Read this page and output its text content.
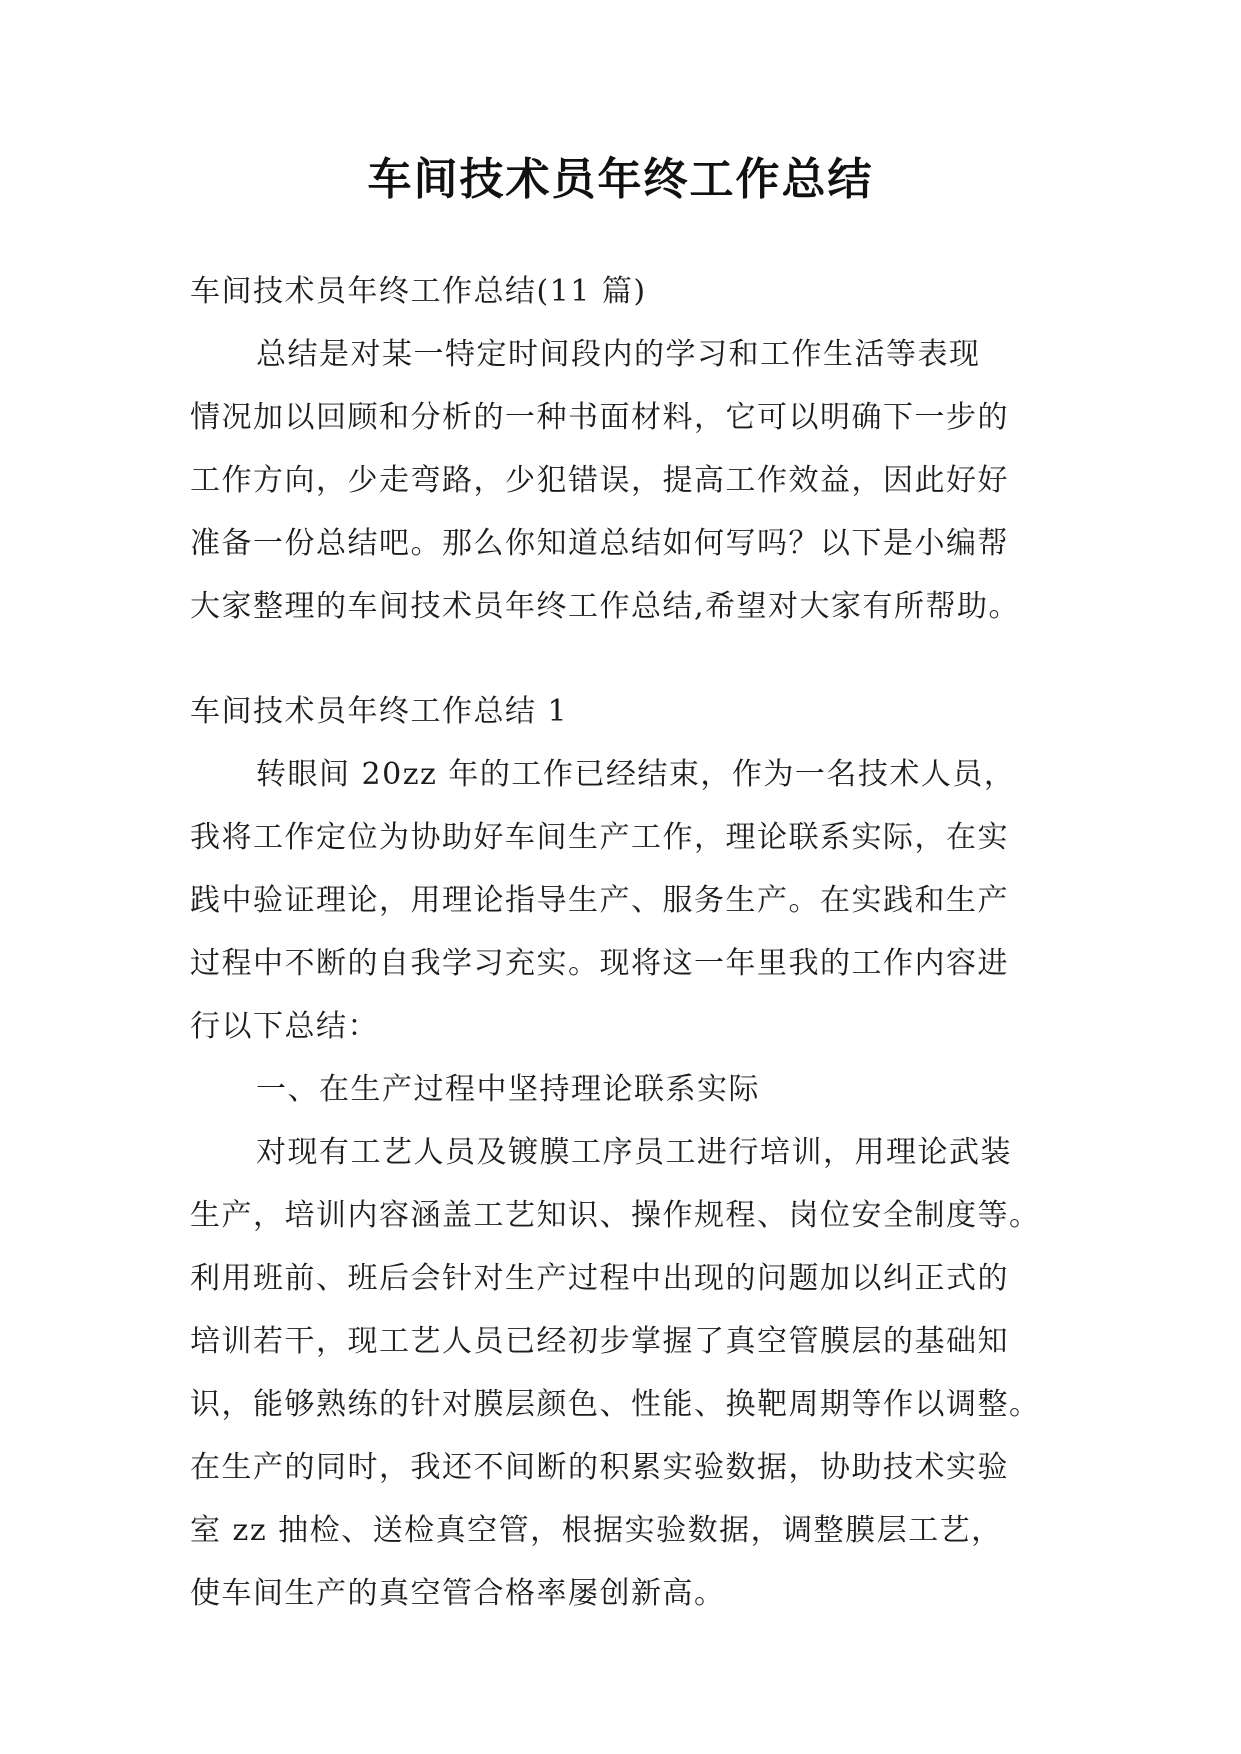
车间技术员年终工作总结
车间技术员年终工作总结(11 篇)
总结是对某一特定时间段内的学习和工作生活等表现
情况加以回顾和分析的一种书面材料，它可以明确下一步的
工作方向，少走弯路，少犯错误，提高工作效益，因此好好
准备一份总结吧。那么你知道总结如何写吗？以下是小编帮
大家整理的车间技术员年终工作总结,希望对大家有所帮助。
车间技术员年终工作总结 1
转眼间 20zz 年的工作已经结束，作为一名技术人员，
我将工作定位为协助好车间生产工作，理论联系实际，在实
践中验证理论，用理论指导生产、服务生产。在实践和生产
过程中不断的自我学习充实。现将这一年里我的工作内容进
行以下总结：
一、在生产过程中坚持理论联系实际
对现有工艺人员及镀膜工序员工进行培训，用理论武装
生产，培训内容涵盖工艺知识、操作规程、岗位安全制度等。
利用班前、班后会针对生产过程中出现的问题加以纠正式的
培训若干，现工艺人员已经初步掌握了真空管膜层的基础知
识，能够熟练的针对膜层颜色、性能、换靶周期等作以调整。
在生产的同时，我还不间断的积累实验数据，协助技术实验
室 zz 抽检、送检真空管，根据实验数据，调整膜层工艺，
使车间生产的真空管合格率屡创新高。
